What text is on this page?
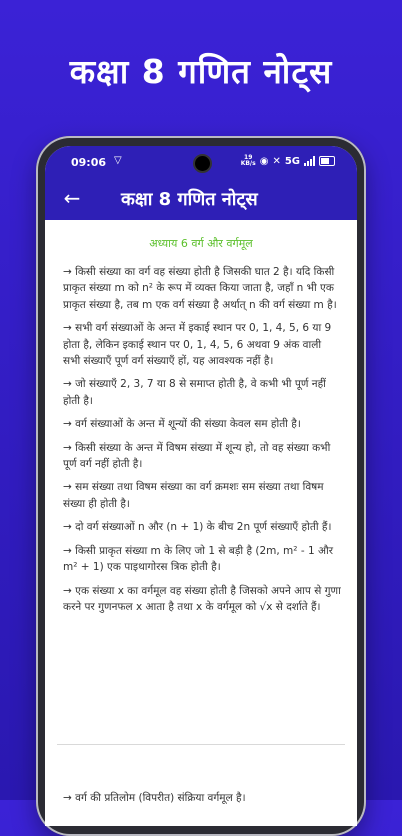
कक्षा 8 गणित नोट्स
09:06 ▽	19
KB/s ◉ ✕ 5G
← कक्षा 8 गणित नोट्स
अध्याय 6 वर्ग और वर्गमूल

→ किसी संख्या का वर्ग वह संख्या होती है जिसकी घात 2 है। यदि किसी प्राकृत संख्या m को n² के रूप में व्यक्त किया जाता है, जहाँ n भी एक प्राकृत संख्या है, तब m एक वर्ग संख्या है अर्थात् n की वर्ग संख्या m है।

→ सभी वर्ग संख्याओं के अन्त में इकाई स्थान पर 0, 1, 4, 5, 6 या 9 होता है, लेकिन इकाई स्थान पर 0, 1, 4, 5, 6 अथवा 9 अंक वाली सभी संख्याएँ पूर्ण वर्ग संख्याएँ हों, यह आवश्यक नहीं है।

→ जो संख्याएँ 2, 3, 7 या 8 से समाप्त होती है, वे कभी भी पूर्ण नहीं होती है।

→ वर्ग संख्याओं के अन्त में शून्यों की संख्या केवल सम होती है।

→ किसी संख्या के अन्त में विषम संख्या में शून्य हो, तो वह संख्या कभी पूर्ण वर्ग नहीं होती है।

→ सम संख्या तथा विषम संख्या का वर्ग क्रमशः सम संख्या तथा विषम संख्या ही होती है।

→ दो वर्ग संख्याओं n और (n + 1) के बीच 2n पूर्ण संख्याएँ होती हैं।

→ किसी प्राकृत संख्या m के लिए जो 1 से बड़ी है (2m, m² - 1 और m² + 1) एक पाइथागोरस त्रिक होती है।

→ एक संख्या x का वर्गमूल वह संख्या होती है जिसको अपने आप से गुणा करने पर गुणनफल x आता है तथा x के वर्गमूल को √x से दर्शाते हैं।

→ वर्ग की प्रतिलोम (विपरीत) संक्रिया वर्गमूल है।
